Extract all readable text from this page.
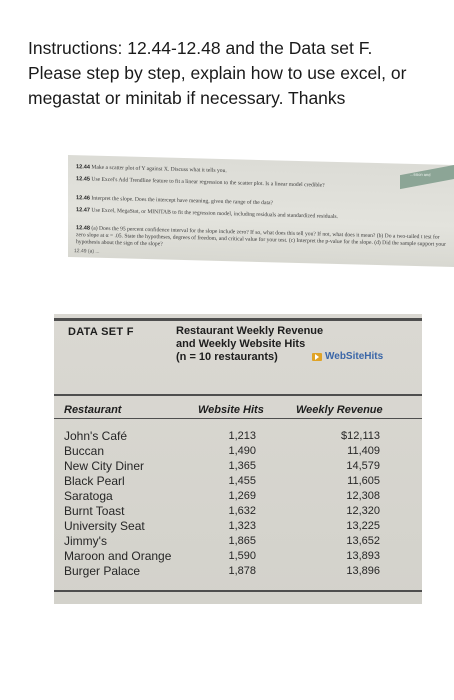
Instructions: 12.44-12.48 and the Data set F. Please step by step, explain how to use excel, or megastat or minitab if necessary. Thanks
...ssion and
12.44 Make a scatter plot of Y against X. Discuss what it tells you.
12.45 Use Excel's Add Trendline feature to fit a linear regression to the scatter plot. Is a linear model credible?
12.46 Interpret the slope. Does the intercept have meaning, given the range of the data?
12.47 Use Excel, MegaStat, or MINITAB to fit the regression model, including residuals and standardized residuals.
12.48 (a) Does the 95 percent confidence interval for the slope include zero? If so, what does this tell you? If not, what does it mean? (b) Do a two-tailed t test for zero slope at α = .05. State the hypotheses, degrees of freedom, and critical value for your test. (c) Interpret the p-value for the slope. (d) Did the sample support your hypothesis about the sign of the slope?
12.49 (a) ...
DATA SET F	Restaurant Weekly Revenue
and Weekly Website Hits
(n = 10 restaurants)	WebSiteHits
Restaurant	Website Hits	Weekly Revenue
John's Café	1,213	$12,113
Buccan	1,490	11,409
New City Diner	1,365	14,579
Black Pearl	1,455	11,605
Saratoga	1,269	12,308
Burnt Toast	1,632	12,320
University Seat	1,323	13,225
Jimmy's	1,865	13,652
Maroon and Orange	1,590	13,893
Burger Palace	1,878	13,896
